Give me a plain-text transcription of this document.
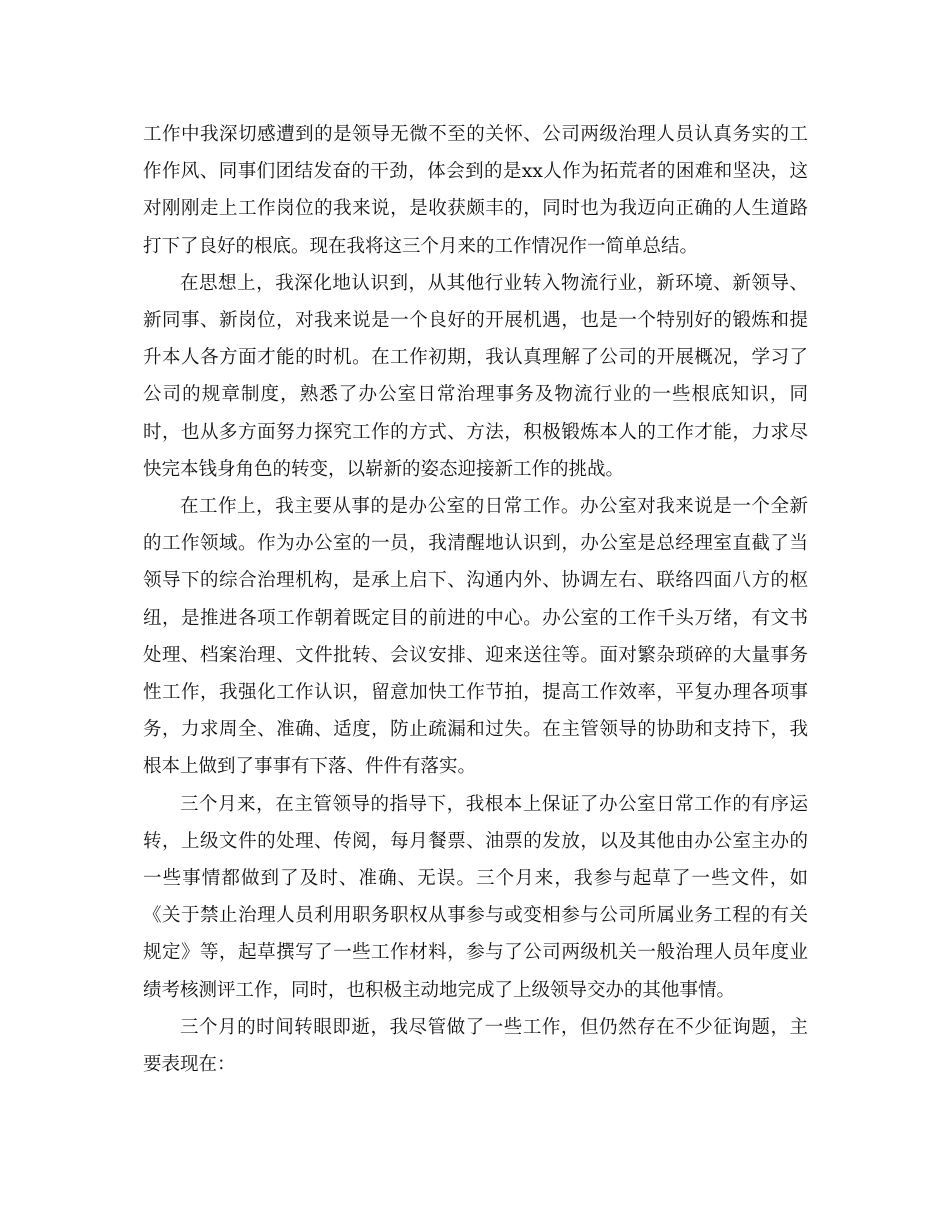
工作中我深切感遭到的是领导无微不至的关怀、公司两级治理人员认真务实的工作作风、同事们团结发奋的干劲，体会到的是xx人作为拓荒者的困难和坚决，这对刚刚走上工作岗位的我来说，是收获颇丰的，同时也为我迈向正确的人生道路打下了良好的根底。现在我将这三个月来的工作情况作一简单总结。

在思想上，我深化地认识到，从其他行业转入物流行业，新环境、新领导、新同事、新岗位，对我来说是一个良好的开展机遇，也是一个特别好的锻炼和提升本人各方面才能的时机。在工作初期，我认真理解了公司的开展概况，学习了公司的规章制度，熟悉了办公室日常治理事务及物流行业的一些根底知识，同时，也从多方面努力探究工作的方式、方法，积极锻炼本人的工作才能，力求尽快完本钱身角色的转变，以崭新的姿态迎接新工作的挑战。

在工作上，我主要从事的是办公室的日常工作。办公室对我来说是一个全新的工作领域。作为办公室的一员，我清醒地认识到，办公室是总经理室直截了当领导下的综合治理机构，是承上启下、沟通内外、协调左右、联络四面八方的枢纽，是推进各项工作朝着既定目的前进的中心。办公室的工作千头万绪，有文书处理、档案治理、文件批转、会议安排、迎来送往等。面对繁杂琐碎的大量事务性工作，我强化工作认识，留意加快工作节拍，提高工作效率，平复办理各项事务，力求周全、准确、适度，防止疏漏和过失。在主管领导的协助和支持下，我根本上做到了事事有下落、件件有落实。

三个月来，在主管领导的指导下，我根本上保证了办公室日常工作的有序运转，上级文件的处理、传阅，每月餐票、油票的发放，以及其他由办公室主办的一些事情都做到了及时、准确、无误。三个月来，我参与起草了一些文件，如《关于禁止治理人员利用职务职权从事参与或变相参与公司所属业务工程的有关规定》等，起草撰写了一些工作材料，参与了公司两级机关一般治理人员年度业绩考核测评工作，同时，也积极主动地完成了上级领导交办的其他事情。

三个月的时间转眼即逝，我尽管做了一些工作，但仍然存在不少征询题，主要表现在：
